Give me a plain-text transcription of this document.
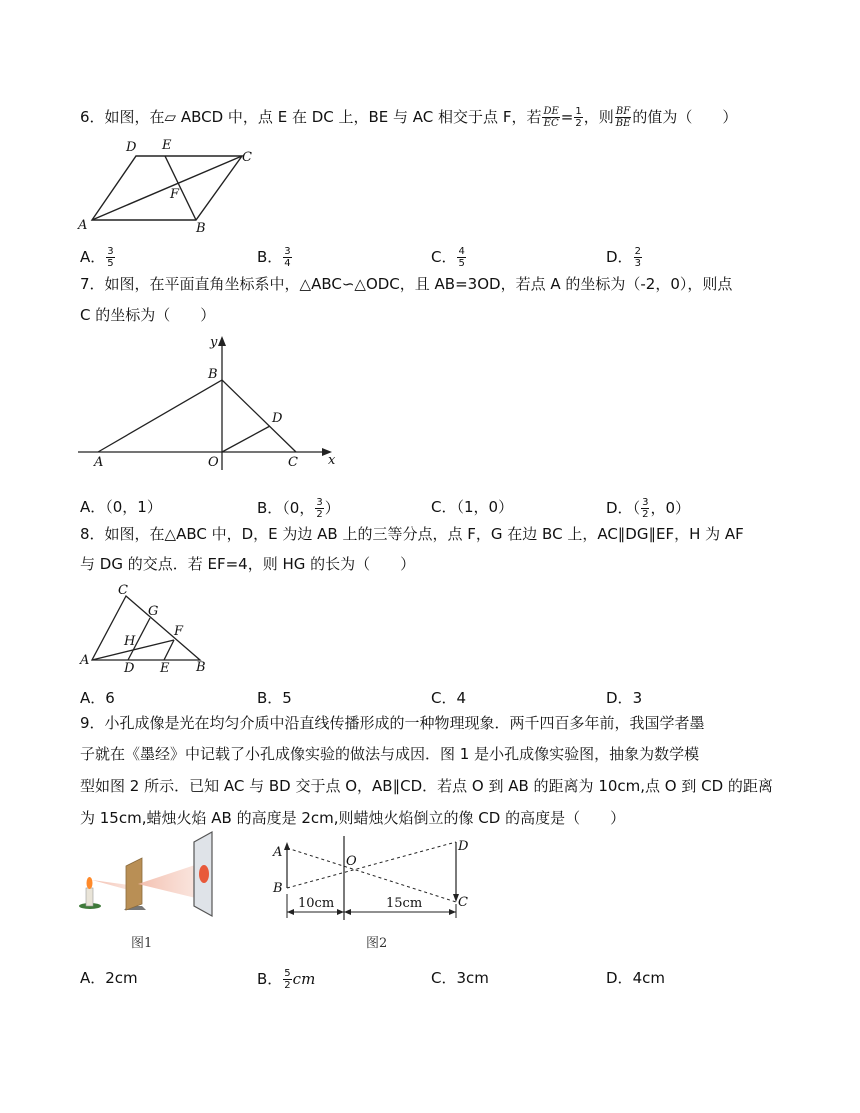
6．如图，在▱ ABCD 中，点 E 在 DC 上，BE 与 AC 相交于点 F，若 $\frac{DE}{EC} = \frac{1}{2}$ ，则 $\frac{BF}{BE}$ 的值为（　　）
D E
C
F
A	B
A． $\frac{3}{5}$	B． $\frac{3}{4}$	C． $\frac{4}{5}$	D． $\frac{2}{3}$
7．如图，在平面直角坐标系中，△ABC∽△ODC，且 AB=3OD，若点 A 的坐标为（-2，0），则点
C 的坐标为（　　）
y
x
B
D
A	O	C
A．（0，1）	B．（0， $\frac{3}{2}$ ）	C．（1，0）	D．（ $\frac{3}{2}$ ，0）
8．如图，在△ABC 中，D，E 为边 AB 上的三等分点，点 F，G 在边 BC 上，AC∥DG∥EF，H 为 AF
与 DG 的交点．若 EF=4，则 HG 的长为（　　）
C
G
F
H
A
D E B
A．6	B．5	C．4	D．3
9．小孔成像是光在均匀介质中沿直线传播形成的一种物理现象．两千四百多年前，我国学者墨
子就在《墨经》中记载了小孔成像实验的做法与成因．图 1 是小孔成像实验图，抽象为数学模
型如图 2 所示．已知 AC 与 BD 交于点 O，AB∥CD．若点 O 到 AB 的距离为 10cm,点 O 到 CD 的距离
为 15cm,蜡烛火焰 AB 的高度是 2cm,则蜡烛火焰倒立的像 CD 的高度是（　　）
图1
A
B
O
D
C
10cm	15cm
图2
A．2cm	B． $\frac{5}{2}$ cm	C．3cm	D．4cm
